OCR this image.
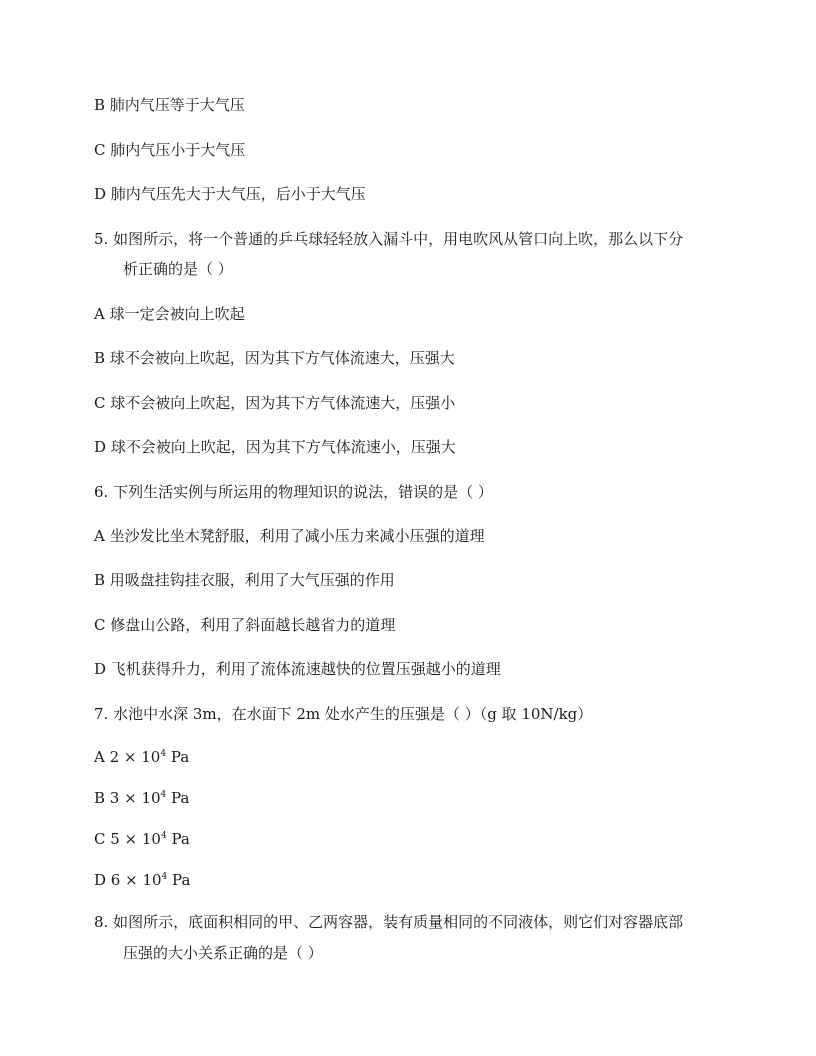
B 肺内气压等于大气压
C 肺内气压小于大气压
D 肺内气压先大于大气压，后小于大气压
5. 如图所示，将一个普通的乒乓球轻轻放入漏斗中，用电吹风从管口向上吹，那么以下分
析正确的是（ ）
A 球一定会被向上吹起
B 球不会被向上吹起，因为其下方气体流速大，压强大
C 球不会被向上吹起，因为其下方气体流速大，压强小
D 球不会被向上吹起，因为其下方气体流速小，压强大
6. 下列生活实例与所运用的物理知识的说法，错误的是（ ）
A 坐沙发比坐木凳舒服，利用了减小压力来减小压强的道理
B 用吸盘挂钩挂衣服，利用了大气压强的作用
C 修盘山公路，利用了斜面越长越省力的道理
D 飞机获得升力，利用了流体流速越快的位置压强越小的道理
7. 水池中水深 3m，在水面下 2m 处水产生的压强是（ ）（g 取 10N/kg）
A $2 \times 10^4$ Pa
B $3 \times 10^4$ Pa
C $5 \times 10^4$ Pa
D $6 \times 10^4$ Pa
8. 如图所示，底面积相同的甲、乙两容器，装有质量相同的不同液体，则它们对容器底部
压强的大小关系正确的是（ ）
